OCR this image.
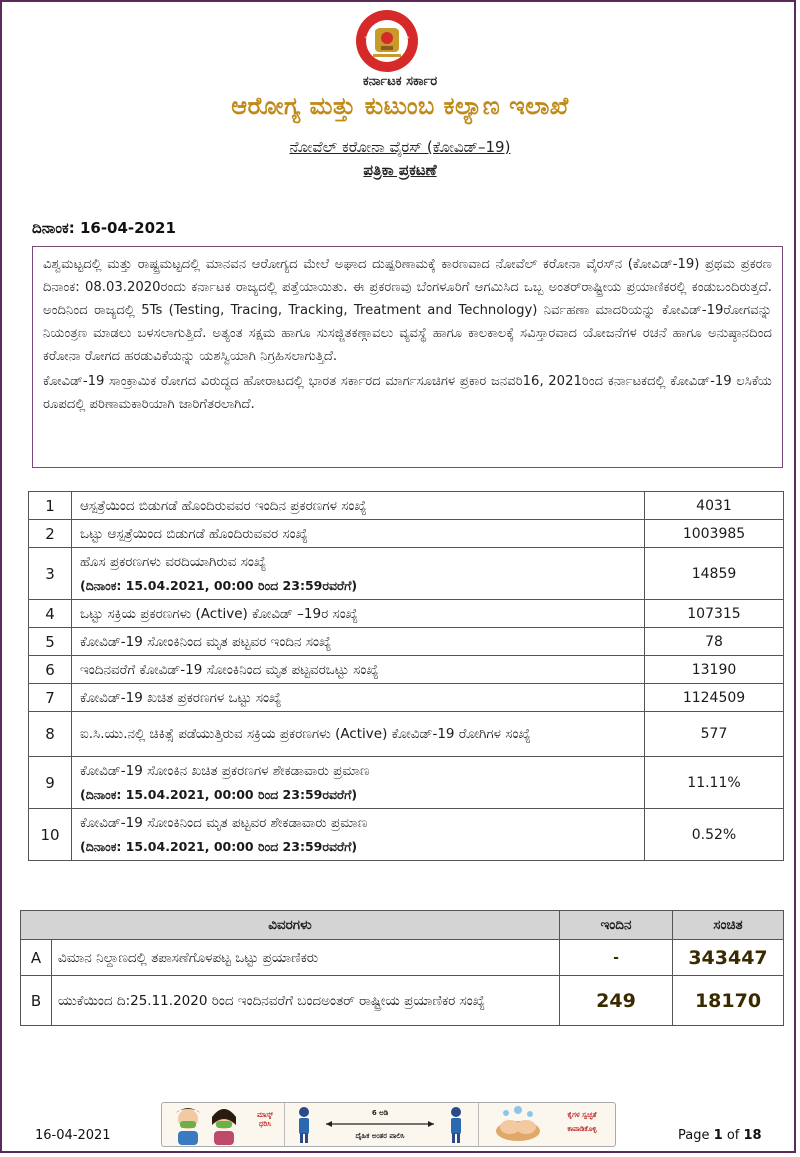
ಕರ್ನಾಟಕ ಸರ್ಕಾರ
ಆರೋಗ್ಯ ಮತ್ತು ಕುಟುಂಬ ಕಲ್ಯಾಣ ಇಲಾಖೆ
ನೋವೆಲ್ ಕರೋನಾ ವೈರಸ್ (ಕೋವಿಡ್–19)
ಪತ್ರಿಕಾ ಪ್ರಕಟಣೆ
ದಿನಾಂಕ: 16-04-2021

ವಿಶ್ವಮಟ್ಟದಲ್ಲಿ ಮತ್ತು ರಾಷ್ಟ್ರಮಟ್ಟದಲ್ಲಿ ಮಾನವನ ಆರೋಗ್ಯದ ಮೇಲೆ ಅಘಾದ ದುಷ್ಪರಿಣಾಮಕ್ಕೆ ಕಾರಣವಾದ ನೋವೆಲ್ ಕರೋನಾ ವೈರಸ್‌ನ (ಕೋವಿಡ್-19) ಪ್ರಥಮ ಪ್ರಕರಣ ದಿನಾಂಕ: 08.03.2020ರಂದು ಕರ್ನಾಟಕ ರಾಜ್ಯದಲ್ಲಿ ಪತ್ತೆಯಾಯಿತು. ಈ ಪ್ರಕರಣವು ಬೆಂಗಳೂರಿಗೆ ಆಗಮಿಸಿದ ಒಬ್ಬ ಅಂತರ್‌ರಾಷ್ಟ್ರೀಯ ಪ್ರಯಾಣಿಕರಲ್ಲಿ ಕಂಡುಬಂದಿರುತ್ತದೆ. ಅಂದಿನಿಂದ ರಾಜ್ಯದಲ್ಲಿ 5Ts (Testing, Tracing, Tracking, Treatment and Technology) ನಿರ್ವಹಣಾ ಮಾದರಿಯನ್ನು ಕೋವಿಡ್-19ರೋಗವನ್ನು ನಿಯಂತ್ರಣ ಮಾಡಲು ಬಳಸಲಾಗುತ್ತಿದೆ. ಅತ್ಯಂತ ಸಕ್ಷಮ ಹಾಗೂ ಸುಸಜ್ಜಿತಕಣ್ಗಾವಲು ವ್ಯವಸ್ಥೆ ಹಾಗೂ ಕಾಲಕಾಲಕ್ಕೆ ಸವಿಸ್ತಾರವಾದ ಯೋಜನೆಗಳ ರಚನೆ ಹಾಗೂ ಅನುಷ್ಠಾನದಿಂದ ಕರೋನಾ ರೋಗದ ಹರಡುವಿಕೆಯನ್ನು ಯಶಸ್ವಿಯಾಗಿ ನಿಗ್ರಹಿಸಲಾಗುತ್ತಿದೆ.

ಕೋವಿಡ್-19 ಸಾಂಕ್ರಾಮಿಕ ರೋಗದ ವಿರುದ್ಧದ ಹೋರಾಟದಲ್ಲಿ ಭಾರತ ಸರ್ಕಾರದ ಮಾರ್ಗಸೂಚಿಗಳ ಪ್ರಕಾರ ಜನವರಿ16, 2021ರಿಂದ ಕರ್ನಾಟಕದಲ್ಲಿ ಕೋವಿಡ್-19 ಲಸಿಕೆಯ ರೂಪದಲ್ಲಿ ಪರಿಣಾಮಕಾರಿಯಾಗಿ ಜಾರಿಗೆತರಲಾಗಿದೆ.

1	ಆಸ್ಪತ್ರೆಯಿಂದ ಬಿಡುಗಡೆ ಹೊಂದಿರುವವರ ಇಂದಿನ ಪ್ರಕರಣಗಳ ಸಂಖ್ಯೆ	4031
2	ಒಟ್ಟು ಆಸ್ಪತ್ರೆಯಿಂದ ಬಿಡುಗಡೆ ಹೊಂದಿರುವವರ ಸಂಖ್ಯೆ	1003985
3	ಹೊಸ ಪ್ರಕರಣಗಳು ವರದಿಯಾಗಿರುವ ಸಂಖ್ಯೆ
(ದಿನಾಂಕ: 15.04.2021, 00:00 ರಿಂದ 23:59ರವರೆಗೆ)	14859
4	ಒಟ್ಟು ಸಕ್ರಿಯ ಪ್ರಕರಣಗಳು (Active) ಕೋವಿಡ್ –19ರ ಸಂಖ್ಯೆ	107315
5	ಕೋವಿಡ್-19 ಸೋಂಕಿನಿಂದ ಮೃತ ಪಟ್ಟವರ ಇಂದಿನ ಸಂಖ್ಯೆ	78
6	ಇಂದಿನವರೆಗೆ ಕೋವಿಡ್-19 ಸೋಂಕಿನಿಂದ ಮೃತ ಪಟ್ಟವರಒಟ್ಟು ಸಂಖ್ಯೆ	13190
7	ಕೋವಿಡ್-19 ಖಚಿತ ಪ್ರಕರಣಗಳ ಒಟ್ಟು ಸಂಖ್ಯೆ	1124509
8	ಐ.ಸಿ.ಯು.ನಲ್ಲಿ ಚಿಕಿತ್ಸೆ ಪಡೆಯುತ್ತಿರುವ ಸಕ್ರಿಯ ಪ್ರಕರಣಗಳು (Active) ಕೋವಿಡ್-19 ರೋಗಿಗಳ ಸಂಖ್ಯೆ	577
9	ಕೋವಿಡ್-19 ಸೋಂಕಿನ ಖಚಿತ ಪ್ರಕರಣಗಳ ಶೇಕಡಾವಾರು ಪ್ರಮಾಣ
(ದಿನಾಂಕ: 15.04.2021, 00:00 ರಿಂದ 23:59ರವರೆಗೆ)	11.11%
10	ಕೋವಿಡ್-19 ಸೋಂಕಿನಿಂದ ಮೃತ ಪಟ್ಟವರ ಶೇಕಡಾವಾರು ಪ್ರಮಾಣ
(ದಿನಾಂಕ: 15.04.2021, 00:00 ರಿಂದ 23:59ರವರೆಗೆ)	0.52%
ವಿವರಗಳು		ಇಂದಿನ	ಸಂಚಿತ
A	ವಿಮಾನ ನಿಲ್ದಾಣದಲ್ಲಿ ತಪಾಸಣೆಗೊಳಪಟ್ಟ ಒಟ್ಟು ಪ್ರಯಾಣಿಕರು	-	343447
B	ಯುಕೆಯಿಂದ ದಿ:25.11.2020 ರಿಂದ ಇಂದಿನವರೆಗೆ ಬಂದಅಂತರ್ ರಾಷ್ಟ್ರೀಯ ಪ್ರಯಾಣಿಕರ ಸಂಖ್ಯೆ	249	18170
ಮಾಸ್ಕ್ ಧರಿಸಿ
6 ಅಡಿ
ದೈಹಿಕ ಅಂತರ ಪಾಲಿಸಿ
ಕೈಗಳ ಸ್ವಚ್ಛತೆ
ಕಾಪಾಡಿಕೊಳ್ಳಿ
16-04-2021	Page 1 of 18
